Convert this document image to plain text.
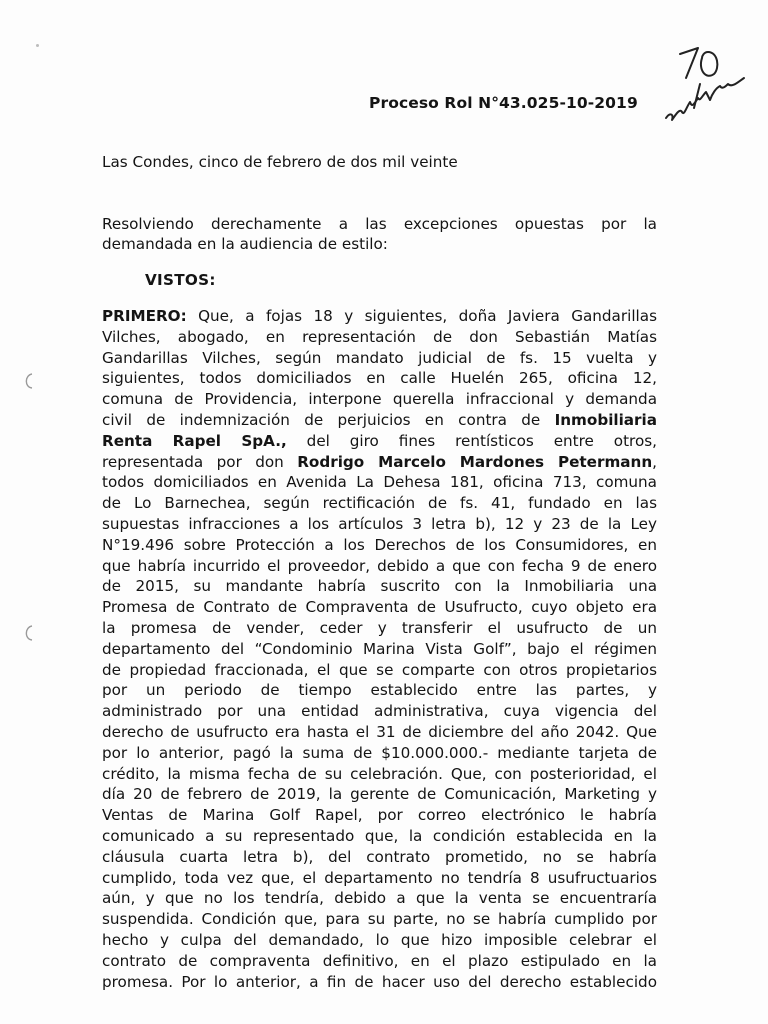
Proceso Rol N°43.025-10-2019
Las Condes, cinco de febrero de dos mil veinte
Resolviendo derechamente a las excepciones opuestas por la
demandada en la audiencia de estilo:
VISTOS:
PRIMERO: Que, a fojas 18 y siguientes, doña Javiera Gandarillas
Vilches, abogado, en representación de don Sebastián Matías
Gandarillas Vilches, según mandato judicial de fs. 15 vuelta y
siguientes, todos domiciliados en calle Huelén 265, oficina 12,
comuna de Providencia, interpone querella infraccional y demanda
civil de indemnización de perjuicios en contra de Inmobiliaria
Renta Rapel SpA., del giro fines rentísticos entre otros,
representada por don Rodrigo Marcelo Mardones Petermann,
todos domiciliados en Avenida La Dehesa 181, oficina 713, comuna
de Lo Barnechea, según rectificación de fs. 41, fundado en las
supuestas infracciones a los artículos 3 letra b), 12 y 23 de la Ley
N°19.496 sobre Protección a los Derechos de los Consumidores, en
que habría incurrido el proveedor, debido a que con fecha 9 de enero
de 2015, su mandante habría suscrito con la Inmobiliaria una
Promesa de Contrato de Compraventa de Usufructo, cuyo objeto era
la promesa de vender, ceder y transferir el usufructo de un
departamento del “Condominio Marina Vista Golf”, bajo el régimen
de propiedad fraccionada, el que se comparte con otros propietarios
por un periodo de tiempo establecido entre las partes, y
administrado por una entidad administrativa, cuya vigencia del
derecho de usufructo era hasta el 31 de diciembre del año 2042. Que
por lo anterior, pagó la suma de $10.000.000.- mediante tarjeta de
crédito, la misma fecha de su celebración. Que, con posterioridad, el
día 20 de febrero de 2019, la gerente de Comunicación, Marketing y
Ventas de Marina Golf Rapel, por correo electrónico le habría
comunicado a su representado que, la condición establecida en la
cláusula cuarta letra b), del contrato prometido, no se habría
cumplido, toda vez que, el departamento no tendría 8 usufructuarios
aún, y que no los tendría, debido a que la venta se encuentraría
suspendida. Condición que, para su parte, no se habría cumplido por
hecho y culpa del demandado, lo que hizo imposible celebrar el
contrato de compraventa definitivo, en el plazo estipulado en la
promesa. Por lo anterior, a fin de hacer uso del derecho establecido
